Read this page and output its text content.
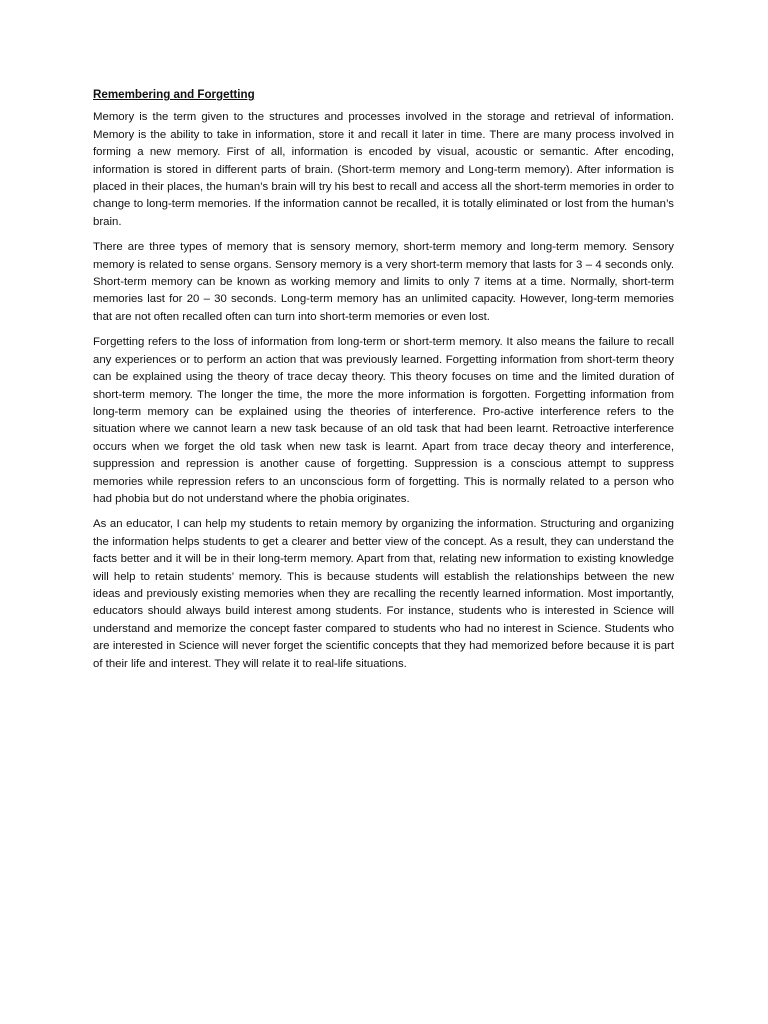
Remembering and Forgetting

Memory is the term given to the structures and processes involved in the storage and retrieval of information. Memory is the ability to take in information, store it and recall it later in time. There are many process involved in forming a new memory. First of all, information is encoded by visual, acoustic or semantic. After encoding, information is stored in different parts of brain. (Short-term memory and Long-term memory). After information is placed in their places, the human’s brain will try his best to recall and access all the short-term memories in order to change to long-term memories. If the information cannot be recalled, it is totally eliminated or lost from the human’s brain.

There are three types of memory that is sensory memory, short-term memory and long-term memory. Sensory memory is related to sense organs. Sensory memory is a very short-term memory that lasts for 3 – 4 seconds only. Short-term memory can be known as working memory and limits to only 7 items at a time. Normally, short-term memories last for 20 – 30 seconds. Long-term memory has an unlimited capacity. However, long-term memories that are not often recalled often can turn into short-term memories or even lost.

Forgetting refers to the loss of information from long-term or short-term memory. It also means the failure to recall any experiences or to perform an action that was previously learned. Forgetting information from short-term theory can be explained using the theory of trace decay theory. This theory focuses on time and the limited duration of short-term memory. The longer the time, the more the more information is forgotten. Forgetting information from long-term memory can be explained using the theories of interference. Pro-active interference refers to the situation where we cannot learn a new task because of an old task that had been learnt. Retroactive interference occurs when we forget the old task when new task is learnt. Apart from trace decay theory and interference, suppression and repression is another cause of forgetting. Suppression is a conscious attempt to suppress memories while repression refers to an unconscious form of forgetting. This is normally related to a person who had phobia but do not understand where the phobia originates.

As an educator, I can help my students to retain memory by organizing the information. Structuring and organizing the information helps students to get a clearer and better view of the concept. As a result, they can understand the facts better and it will be in their long-term memory. Apart from that, relating new information to existing knowledge will help to retain students’ memory. This is because students will establish the relationships between the new ideas and previously existing memories when they are recalling the recently learned information. Most importantly, educators should always build interest among students. For instance, students who is interested in Science will understand and memorize the concept faster compared to students who had no interest in Science. Students who are interested in Science will never forget the scientific concepts that they had memorized before because it is part of their life and interest. They will relate it to real-life situations.
